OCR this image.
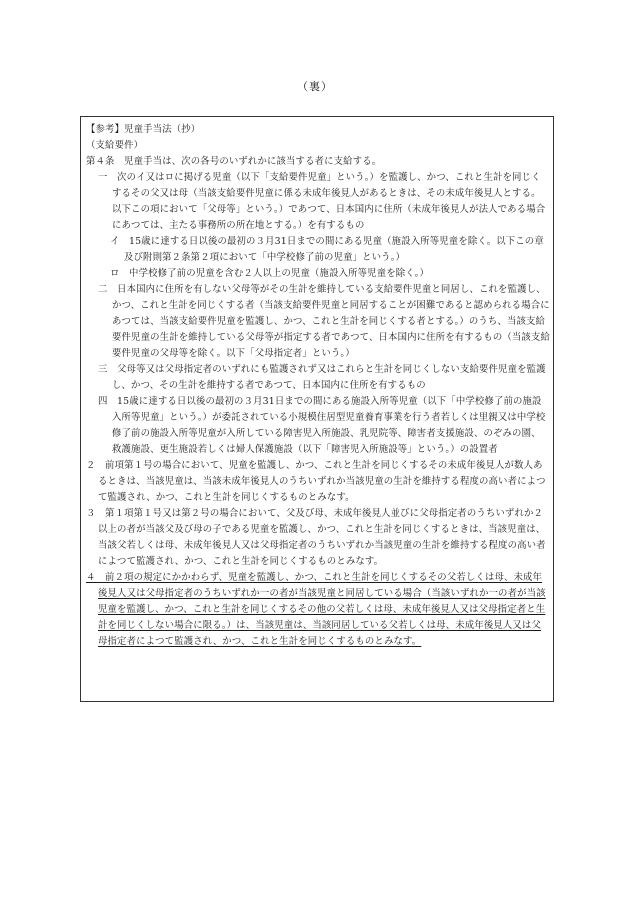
（裏）

【参考】児童手当法（抄）

（支給要件）

第４条　児童手当は、次の各号のいずれかに該当する者に支給する。

一　次のイ又はロに掲げる児童（以下「支給要件児童」という。）を監護し、かつ、これと生計を同じくするその父又は母（当該支給要件児童に係る未成年後見人があるときは、その未成年後見人とする。以下この項において「父母等」という。）であつて、日本国内に住所（未成年後見人が法人である場合にあつては、主たる事務所の所在地とする。）を有するもの

イ　15歳に達する日以後の最初の３月31日までの間にある児童（施設入所等児童を除く。以下この章及び附則第２条第２項において「中学校修了前の児童」という。）

ロ　中学校修了前の児童を含む２人以上の児童（施設入所等児童を除く。）

二　日本国内に住所を有しない父母等がその生計を維持している支給要件児童と同居し、これを監護し、かつ、これと生計を同じくする者（当該支給要件児童と同居することが困難であると認められる場合にあつては、当該支給要件児童を監護し、かつ、これと生計を同じくする者とする。）のうち、当該支給要件児童の生計を維持している父母等が指定する者であつて、日本国内に住所を有するもの（当該支給要件児童の父母等を除く。以下「父母指定者」という。）

三　父母等又は父母指定者のいずれにも監護されず又はこれらと生計を同じくしない支給要件児童を監護し、かつ、その生計を維持する者であつて、日本国内に住所を有するもの

四　15歳に達する日以後の最初の３月31日までの間にある施設入所等児童（以下「中学校修了前の施設入所等児童」という。）が委託されている小規模住居型児童養育事業を行う者若しくは里親又は中学校修了前の施設入所等児童が入所している障害児入所施設、乳児院等、障害者支援施設、のぞみの園、救護施設、更生施設若しくは婦人保護施設（以下「障害児入所施設等」という。）の設置者

２　前項第１号の場合において、児童を監護し、かつ、これと生計を同じくするその未成年後見人が数人あるときは、当該児童は、当該未成年後見人のうちいずれか当該児童の生計を維持する程度の高い者によつて監護され、かつ、これと生計を同じくするものとみなす。

３　第１項第１号又は第２号の場合において、父及び母、未成年後見人並びに父母指定者のうちいずれか２以上の者が当該父及び母の子である児童を監護し、かつ、これと生計を同じくするときは、当該児童は、当該父若しくは母、未成年後見人又は父母指定者のうちいずれか当該児童の生計を維持する程度の高い者によつて監護され、かつ、これと生計を同じくするものとみなす。

４　前２項の規定にかかわらず、児童を監護し、かつ、これと生計を同じくするその父若しくは母、未成年後見人又は父母指定者のうちいずれか一の者が当該児童と同居している場合（当該いずれか一の者が当該児童を監護し、かつ、これと生計を同じくするその他の父若しくは母、未成年後見人又は父母指定者と生計を同じくしない場合に限る。）は、当該児童は、当該同居している父若しくは母、未成年後見人又は父母指定者によつて監護され、かつ、これと生計を同じくするものとみなす。
